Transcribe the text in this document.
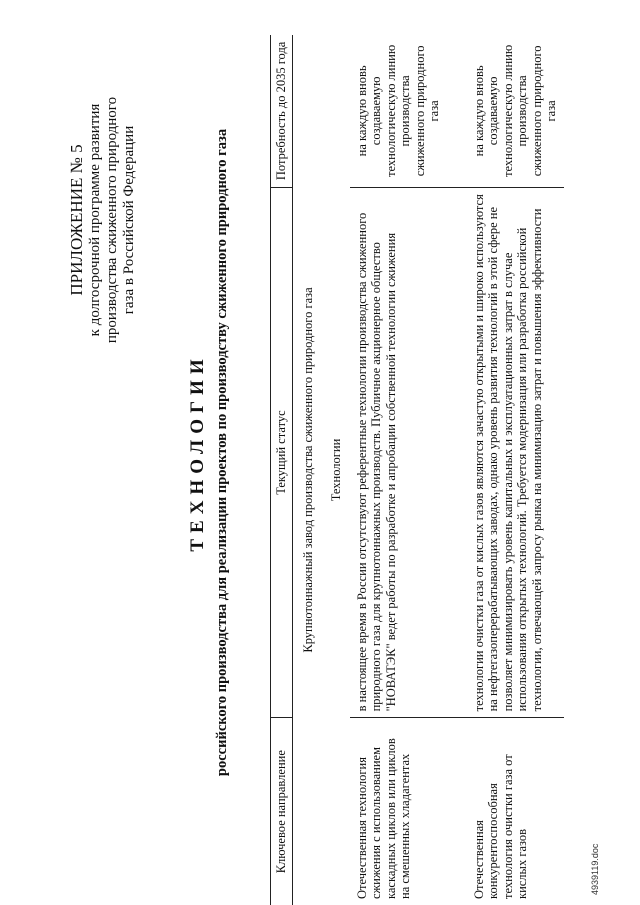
ПРИЛОЖЕНИЕ № 5 к долгосрочной программе развития производства сжиженного природного газа в Российской Федерации
ТЕХНОЛОГИИ российского производства для реализации проектов по производству сжиженного природного газа
Ключевое направление	Текущий статус	Потребность до 2035 года
Крупнотоннажный завод производства сжиженного природного газа		
Технологии		
Отечественная технология сжижения с использованием каскадных циклов или циклов на смешенных хладагентах	в настоящее время в России отсутствуют референтные технологии производства сжиженного природного газа для крупнотоннажных производств. Публичное акционерное общество "НОВАТЭК" ведет работы по разработке и апробации собственной технологии сжижения	на каждую вновь создаваемую технологическую линию производства сжиженного природного газа

Отечественная конкурентоспособная технология очистки газа от кислых газов	технологии очистки газа от кислых газов являются зачастую открытыми и широко используются на нефтегазоперерабатывающих заводах, однако уровень развития технологий в этой сфере не позволяет минимизировать уровень капитальных и эксплуатационных затрат в случае использования открытых технологий. Требуется модернизация или разработка российской технологии, отвечающей запросу рынка на минимизацию затрат и повышения эффективности	на каждую вновь создаваемую технологическую линию производства сжиженного природного газа
4939119.doc
